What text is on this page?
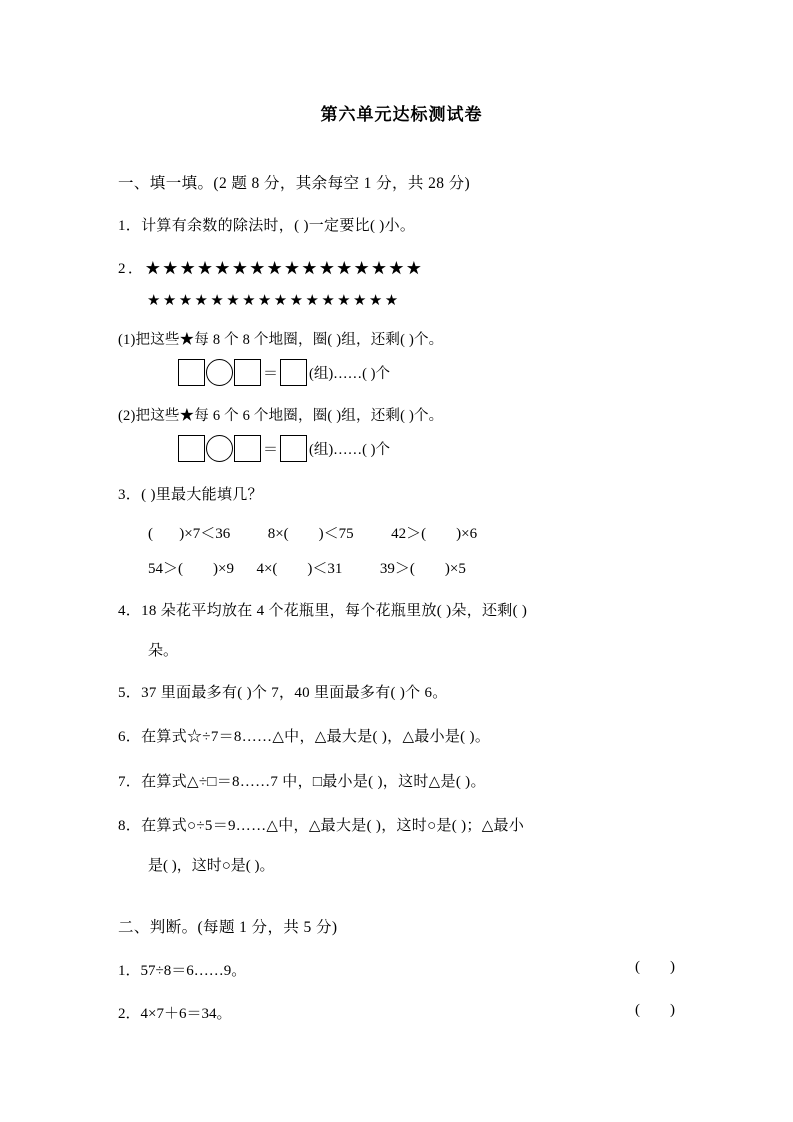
第六单元达标测试卷
一、填一填。(2 题 8 分，其余每空 1 分，共 28 分)
1．计算有余数的除法时，( )一定要比( )小。
2．★★★★★★★★★★★★★★★★
★★★★★★★★★★★★★★★★
(1)把这些★每 8 个 8 个地圈，圈( )组，还剩( )个。
＝ (组)……( )个
(2)把这些★每 6 个 6 个地圈，圈( )组，还剩( )个。
＝ (组)……( )个
3．( )里最大能填几？
(       )×7＜36          8×(        )＜75          42＞(        )×6
54＞(        )×9      4×(        )＜31          39＞(        )×5
4．18 朵花平均放在 4 个花瓶里，每个花瓶里放( )朵，还剩( )
朵。
5．37 里面最多有( )个 7，40 里面最多有( )个 6。
6．在算式☆÷7＝8……△中，△最大是( )，△最小是( )。
7．在算式△÷□＝8……7 中，□最小是( )，这时△是( )。
8．在算式○÷5＝9……△中，△最大是( )，这时○是( )；△最小
是( )，这时○是( )。
二、判断。(每题 1 分，共 5 分)
1．57÷8＝6……9。	(        )
2．4×7＋6＝34。	(        )
